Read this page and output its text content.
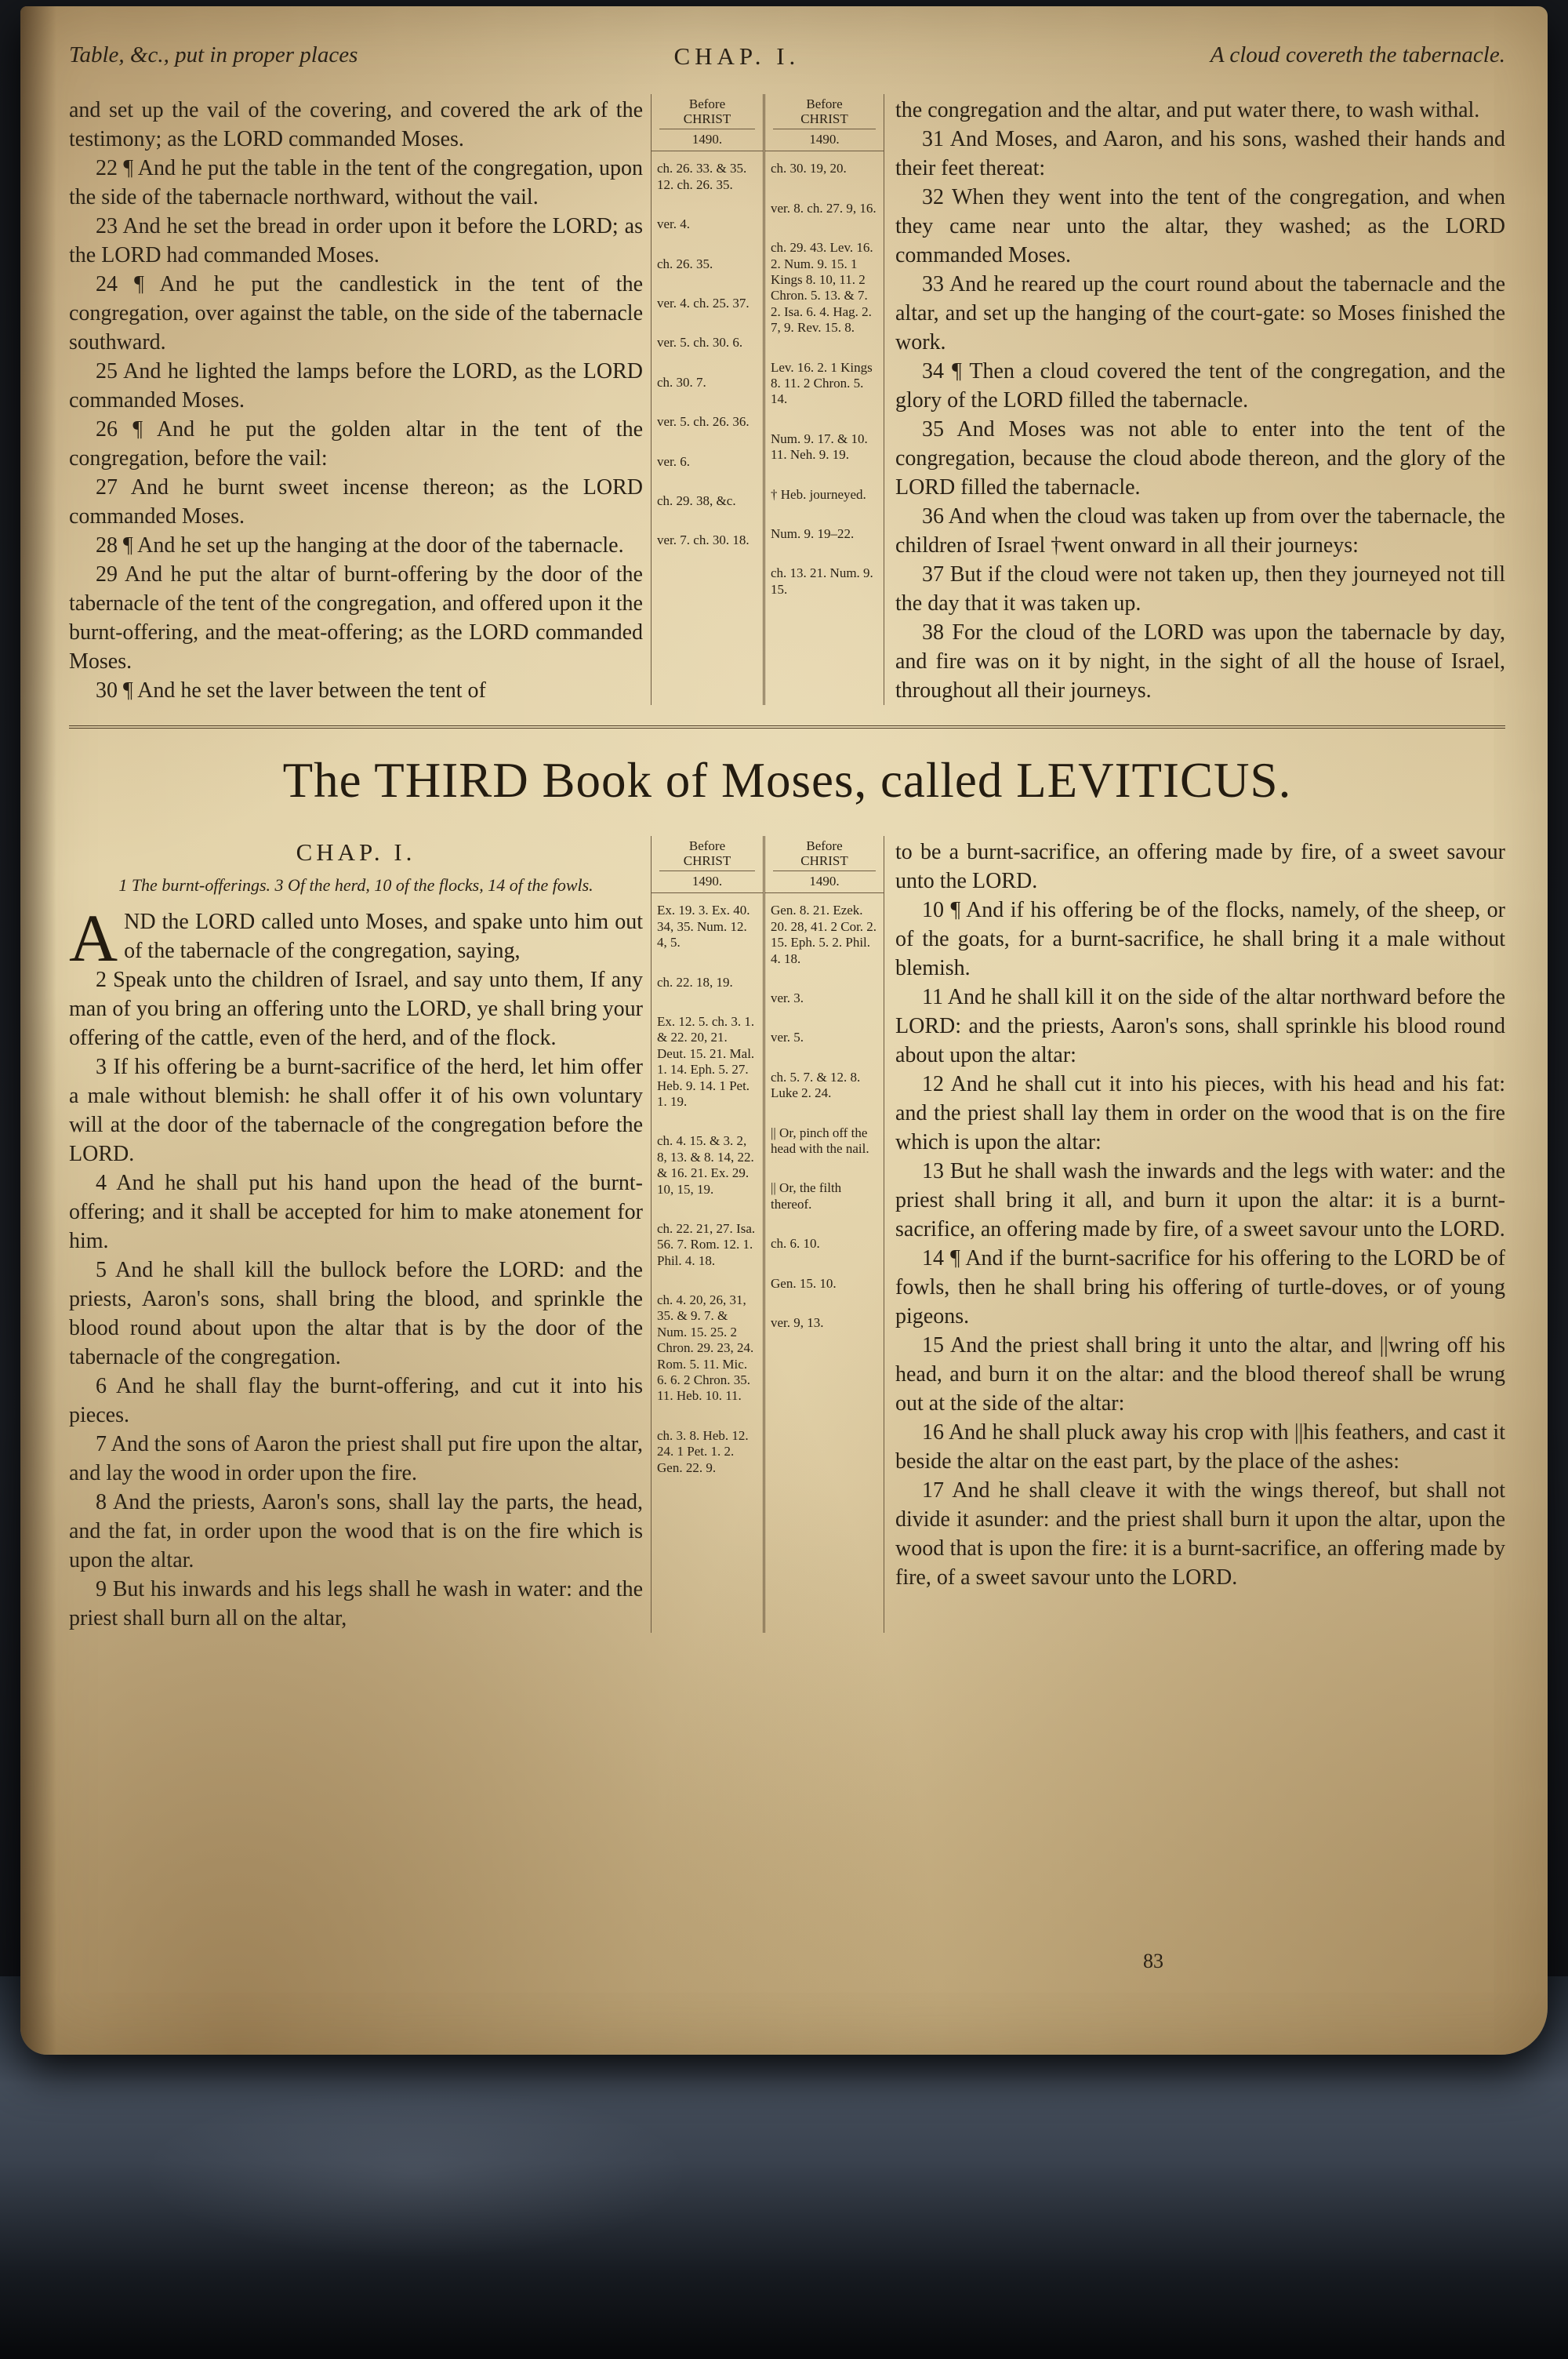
Table, &c., put in proper places	CHAP. I.	A cloud covereth the tabernacle.

and set up the vail of the covering, and covered the ark of the testimony; as the LORD commanded Moses.

22 ¶ And he put the table in the tent of the congregation, upon the side of the tabernacle northward, without the vail.

23 And he set the bread in order upon it before the LORD; as the LORD had commanded Moses.

24 ¶ And he put the candlestick in the tent of the congregation, over against the table, on the side of the tabernacle southward.

25 And he lighted the lamps before the LORD, as the LORD commanded Moses.

26 ¶ And he put the golden altar in the tent of the congregation, before the vail:

27 And he burnt sweet incense thereon; as the LORD commanded Moses.

28 ¶ And he set up the hanging at the door of the tabernacle.

29 And he put the altar of burnt-offering by the door of the tabernacle of the tent of the congregation, and offered upon it the burnt-offering, and the meat-offering; as the LORD commanded Moses.

30 ¶ And he set the laver between the tent of

Before
CHRIST
1490.

ch. 26. 33. & 35. 12. ch. 26. 35.

ver. 4.

ch. 26. 35.

ver. 4. ch. 25. 37.

ver. 5. ch. 30. 6.

ch. 30. 7.

ver. 5. ch. 26. 36.

ver. 6.

ch. 29. 38, &c.

ver. 7. ch. 30. 18.

Before
CHRIST
1490.

ch. 30. 19, 20.

ver. 8. ch. 27. 9, 16.

ch. 29. 43. Lev. 16. 2. Num. 9. 15. 1 Kings 8. 10, 11. 2 Chron. 5. 13. & 7. 2. Isa. 6. 4. Hag. 2. 7, 9. Rev. 15. 8.

Lev. 16. 2. 1 Kings 8. 11. 2 Chron. 5. 14.

Num. 9. 17. & 10. 11. Neh. 9. 19.

† Heb. journeyed.

Num. 9. 19–22.

ch. 13. 21. Num. 9. 15.

the congregation and the altar, and put water there, to wash withal.

31 And Moses, and Aaron, and his sons, washed their hands and their feet thereat:

32 When they went into the tent of the congregation, and when they came near unto the altar, they washed; as the LORD commanded Moses.

33 And he reared up the court round about the tabernacle and the altar, and set up the hanging of the court-gate: so Moses finished the work.

34 ¶ Then a cloud covered the tent of the congregation, and the glory of the LORD filled the tabernacle.

35 And Moses was not able to enter into the tent of the congregation, because the cloud abode thereon, and the glory of the LORD filled the tabernacle.

36 And when the cloud was taken up from over the tabernacle, the children of Israel †went onward in all their journeys:

37 But if the cloud were not taken up, then they journeyed not till the day that it was taken up.

38 For the cloud of the LORD was upon the tabernacle by day, and fire was on it by night, in the sight of all the house of Israel, throughout all their journeys.

The THIRD Book of Moses, called LEVITICUS.
CHAP. I.

1 The burnt-offerings. 3 Of the herd, 10 of the flocks, 14 of the fowls.

AND the LORD called unto Moses, and spake unto him out of the tabernacle of the congregation, saying,

2 Speak unto the children of Israel, and say unto them, If any man of you bring an offering unto the LORD, ye shall bring your offering of the cattle, even of the herd, and of the flock.

3 If his offering be a burnt-sacrifice of the herd, let him offer a male without blemish: he shall offer it of his own voluntary will at the door of the tabernacle of the congregation before the LORD.

4 And he shall put his hand upon the head of the burnt-offering; and it shall be accepted for him to make atonement for him.

5 And he shall kill the bullock before the LORD: and the priests, Aaron's sons, shall bring the blood, and sprinkle the blood round about upon the altar that is by the door of the tabernacle of the congregation.

6 And he shall flay the burnt-offering, and cut it into his pieces.

7 And the sons of Aaron the priest shall put fire upon the altar, and lay the wood in order upon the fire.

8 And the priests, Aaron's sons, shall lay the parts, the head, and the fat, in order upon the wood that is on the fire which is upon the altar.

9 But his inwards and his legs shall he wash in water: and the priest shall burn all on the altar,

Before
CHRIST
1490.

Ex. 19. 3. Ex. 40. 34, 35. Num. 12. 4, 5.

ch. 22. 18, 19.

Ex. 12. 5. ch. 3. 1. & 22. 20, 21. Deut. 15. 21. Mal. 1. 14. Eph. 5. 27. Heb. 9. 14. 1 Pet. 1. 19.

ch. 4. 15. & 3. 2, 8, 13. & 8. 14, 22. & 16. 21. Ex. 29. 10, 15, 19.

ch. 22. 21, 27. Isa. 56. 7. Rom. 12. 1. Phil. 4. 18.

ch. 4. 20, 26, 31, 35. & 9. 7. & Num. 15. 25. 2 Chron. 29. 23, 24. Rom. 5. 11. Mic. 6. 6. 2 Chron. 35. 11. Heb. 10. 11.

ch. 3. 8. Heb. 12. 24. 1 Pet. 1. 2. Gen. 22. 9.

Before
CHRIST
1490.

Gen. 8. 21. Ezek. 20. 28, 41. 2 Cor. 2. 15. Eph. 5. 2. Phil. 4. 18.

ver. 3.

ver. 5.

ch. 5. 7. & 12. 8. Luke 2. 24.

|| Or, pinch off the head with the nail.

|| Or, the filth thereof.

ch. 6. 10.

Gen. 15. 10.

ver. 9, 13.

to be a burnt-sacrifice, an offering made by fire, of a sweet savour unto the LORD.

10 ¶ And if his offering be of the flocks, namely, of the sheep, or of the goats, for a burnt-sacrifice, he shall bring it a male without blemish.

11 And he shall kill it on the side of the altar northward before the LORD: and the priests, Aaron's sons, shall sprinkle his blood round about upon the altar:

12 And he shall cut it into his pieces, with his head and his fat: and the priest shall lay them in order on the wood that is on the fire which is upon the altar:

13 But he shall wash the inwards and the legs with water: and the priest shall bring it all, and burn it upon the altar: it is a burnt-sacrifice, an offering made by fire, of a sweet savour unto the LORD.

14 ¶ And if the burnt-sacrifice for his offering to the LORD be of fowls, then he shall bring his offering of turtle-doves, or of young pigeons.

15 And the priest shall bring it unto the altar, and ||wring off his head, and burn it on the altar: and the blood thereof shall be wrung out at the side of the altar:

16 And he shall pluck away his crop with ||his feathers, and cast it beside the altar on the east part, by the place of the ashes:

17 And he shall cleave it with the wings thereof, but shall not divide it asunder: and the priest shall burn it upon the altar, upon the wood that is upon the fire: it is a burnt-sacrifice, an offering made by fire, of a sweet savour unto the LORD.

83
